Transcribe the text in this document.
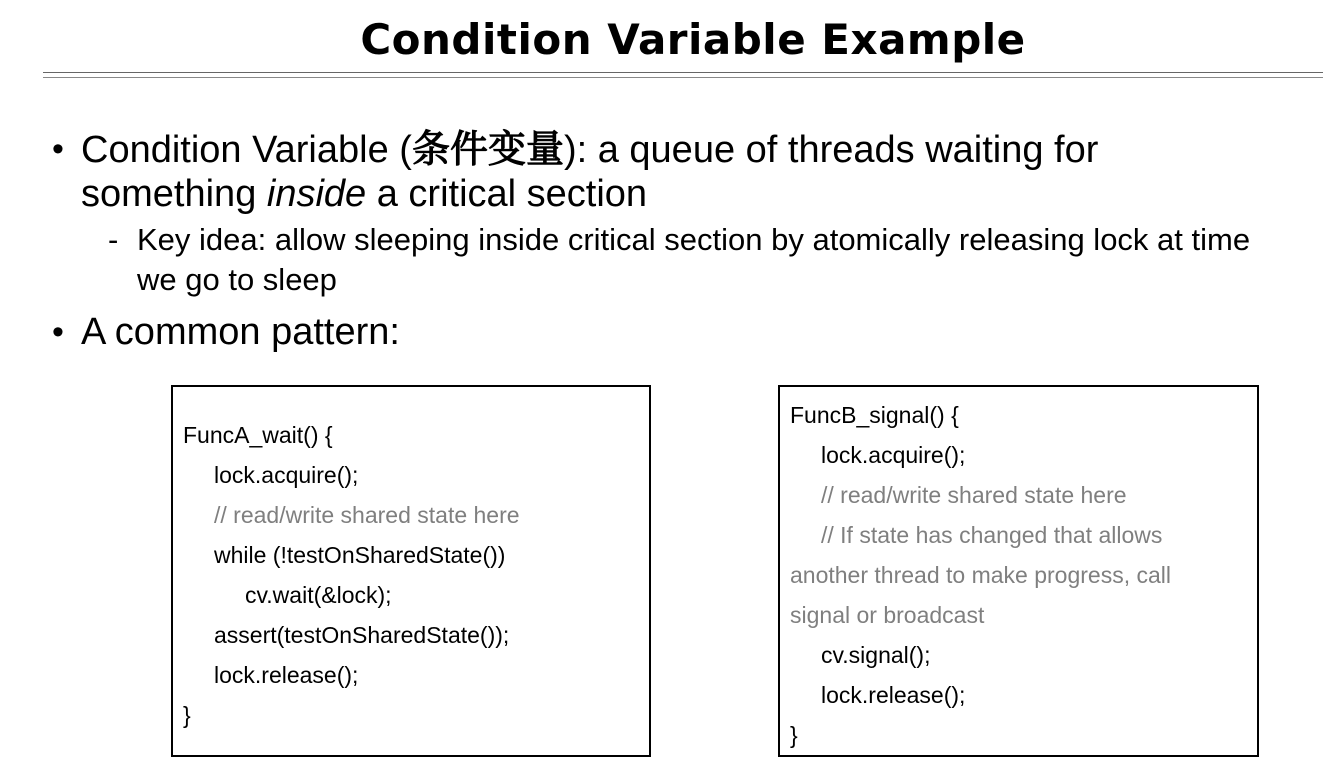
Condition Variable Example
• Condition Variable (条件变量): a queue of threads waiting for
something inside a critical section
- Key idea: allow sleeping inside critical section by atomically releasing lock at time
we go to sleep
• A common pattern:
FuncA_wait() {
lock.acquire();
// read/write shared state here
while (!testOnSharedState())
cv.wait(&lock);
assert(testOnSharedState());
lock.release();
}
FuncB_signal() {
lock.acquire();
// read/write shared state here
// If state has changed that allows
another thread to make progress, call
signal or broadcast
cv.signal();
lock.release();
}
